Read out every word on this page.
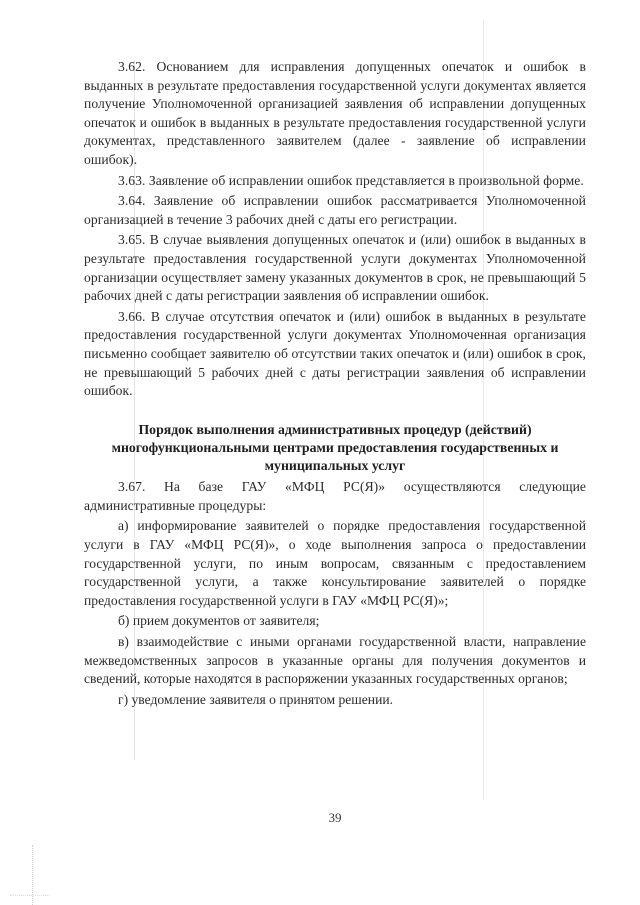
3.62. Основанием для исправления допущенных опечаток и ошибок в выданных в результате предоставления государственной услуги документах является получение Уполномоченной организацией заявления об исправлении допущенных опечаток и ошибок в выданных в результате предоставления государственной услуги документах, представленного заявителем (далее - заявление об исправлении ошибок).

3.63. Заявление об исправлении ошибок представляется в произвольной форме.

3.64. Заявление об исправлении ошибок рассматривается Уполномоченной организацией в течение 3 рабочих дней с даты его регистрации.

3.65. В случае выявления допущенных опечаток и (или) ошибок в выданных в результате предоставления государственной услуги документах Уполномоченной организации осуществляет замену указанных документов в срок, не превышающий 5 рабочих дней с даты регистрации заявления об исправлении ошибок.

3.66. В случае отсутствия опечаток и (или) ошибок в выданных в результате предоставления государственной услуги документах Уполномоченная организация письменно сообщает заявителю об отсутствии таких опечаток и (или) ошибок в срок, не превышающий 5 рабочих дней с даты регистрации заявления об исправлении ошибок.

Порядок выполнения административных процедур (действий) многофункциональными центрами предоставления государственных и муниципальных услуг

3.67. На базе ГАУ «МФЦ РС(Я)» осуществляются следующие административные процедуры:

а) информирование заявителей о порядке предоставления государственной услуги в ГАУ «МФЦ РС(Я)», о ходе выполнения запроса о предоставлении государственной услуги, по иным вопросам, связанным с предоставлением государственной услуги, а также консультирование заявителей о порядке предоставления государственной услуги в ГАУ «МФЦ РС(Я)»;

б) прием документов от заявителя;

в) взаимодействие с иными органами государственной власти, направление межведомственных запросов в указанные органы для получения документов и сведений, которые находятся в распоряжении указанных государственных органов;

г) уведомление заявителя о принятом решении.

39
